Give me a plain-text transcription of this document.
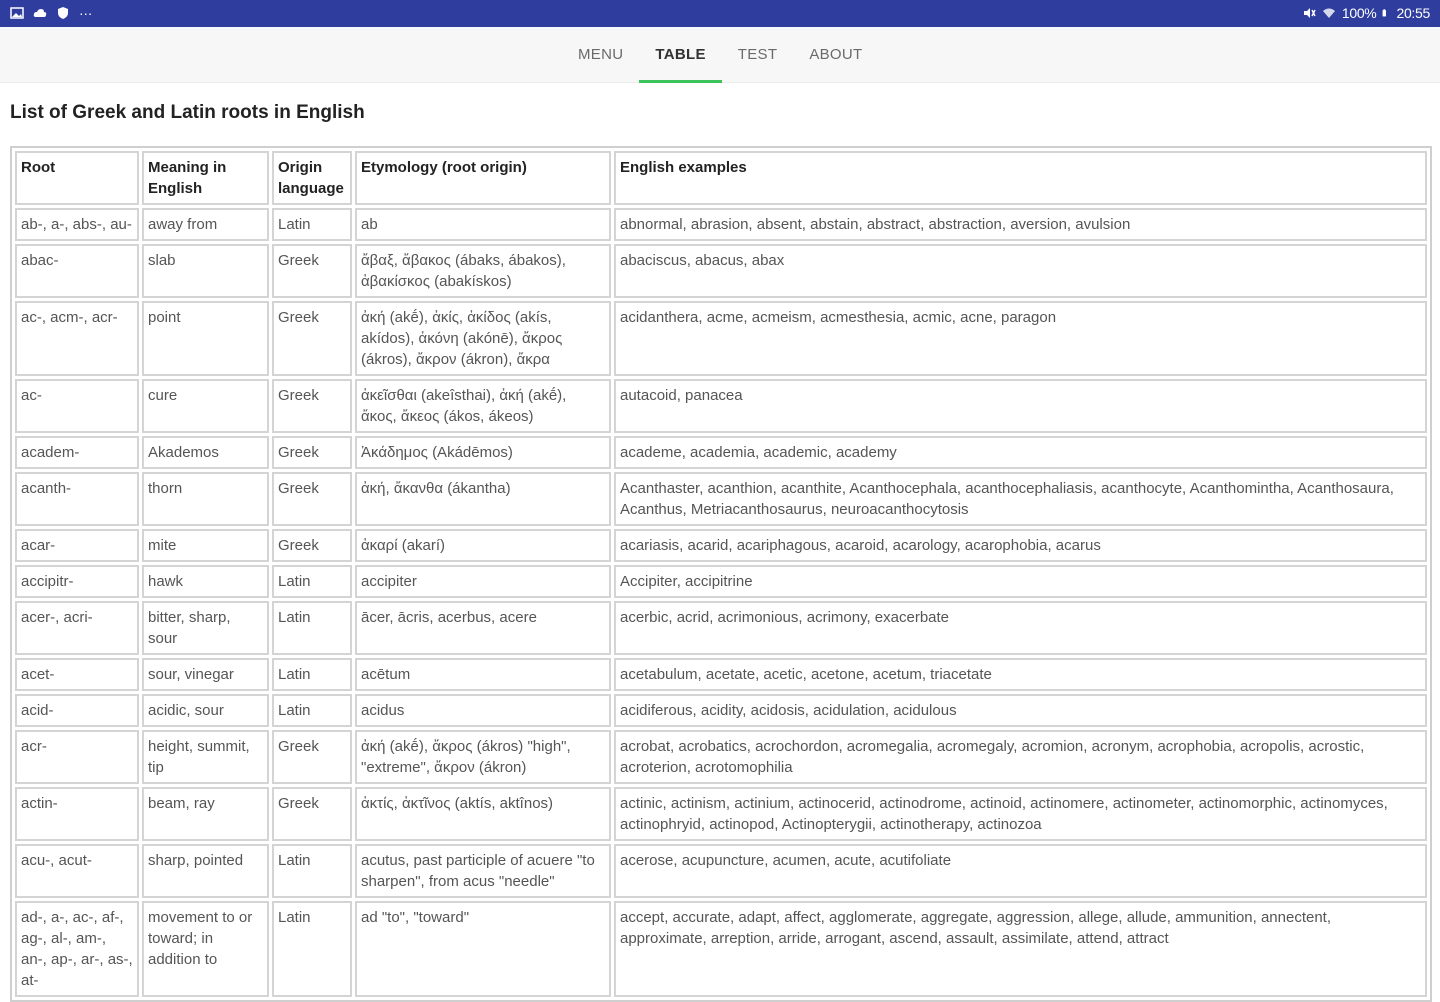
···	100% 20:55
MENU	TABLE	TEST	ABOUT
List of Greek and Latin roots in English
Root	Meaning in English	Origin language	Etymology (root origin)	English examples
ab-, a-, abs-, au-	away from	Latin	ab	abnormal, abrasion, absent, abstain, abstract, abstraction, aversion, avulsion
abac-	slab	Greek	ἄβαξ, ἄβακος (ábaks, ábakos), ἀβακίσκος (abakískos)	abaciscus, abacus, abax
ac-, acm-, acr-	point	Greek	ἀκή (akḗ), ἀκίς, ἀκίδος (akís, akídos), ἀκόνη (akónē), ἄκρος (ákros), ἄκρον (ákron), ἄκρα	acidanthera, acme, acmeism, acmesthesia, acmic, acne, paragon
ac-	cure	Greek	ἀκεῖσθαι (akeîsthai), ἀκή (akḗ), ἄκος, ἄκεος (ákos, ákeos)	autacoid, panacea
academ-	Akademos	Greek	Ἀκάδημος (Akádēmos)	academe, academia, academic, academy
acanth-	thorn	Greek	ἀκή, ἄκανθα (ákantha)	Acanthaster, acanthion, acanthite, Acanthocephala, acanthocephaliasis, acanthocyte, Acanthomintha, Acanthosaura, Acanthus, Metriacanthosaurus, neuroacanthocytosis
acar-	mite	Greek	ἀκαρί (akarí)	acariasis, acarid, acariphagous, acaroid, acarology, acarophobia, acarus
accipitr-	hawk	Latin	accipiter	Accipiter, accipitrine
acer-, acri-	bitter, sharp, sour	Latin	ācer, ācris, acerbus, acere	acerbic, acrid, acrimonious, acrimony, exacerbate
acet-	sour, vinegar	Latin	acētum	acetabulum, acetate, acetic, acetone, acetum, triacetate
acid-	acidic, sour	Latin	acidus	acidiferous, acidity, acidosis, acidulation, acidulous
acr-	height, summit, tip	Greek	ἀκή (akḗ), ἄκρος (ákros) "high", "extreme", ἄκρον (ákron)	acrobat, acrobatics, acrochordon, acromegalia, acromegaly, acromion, acronym, acrophobia, acropolis, acrostic, acroterion, acrotomophilia
actin-	beam, ray	Greek	ἀκτίς, ἀκτῖνος (aktís, aktînos)	actinic, actinism, actinium, actinocerid, actinodrome, actinoid, actinomere, actinometer, actinomorphic, actinomyces, actinophryid, actinopod, Actinopterygii, actinotherapy, actinozoa
acu-, acut-	sharp, pointed	Latin	acutus, past participle of acuere "to sharpen", from acus "needle"	acerose, acupuncture, acumen, acute, acutifoliate
ad-, a-, ac-, af-, ag-, al-, am-, an-, ap-, ar-, as-, at-	movement to or toward; in addition to	Latin	ad "to", "toward"	accept, accurate, adapt, affect, agglomerate, aggregate, aggression, allege, allude, ammunition, annectent, approximate, arreption, arride, arrogant, ascend, assault, assimilate, attend, attract
